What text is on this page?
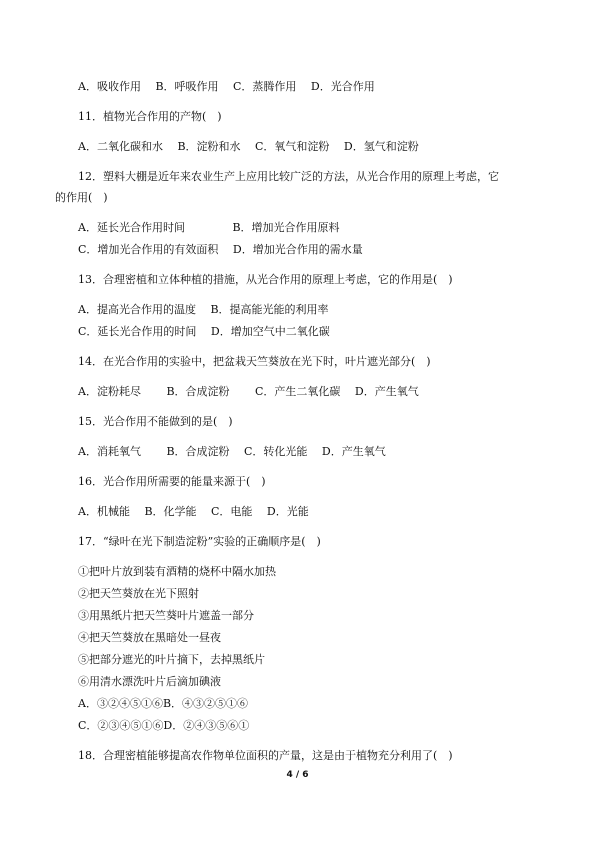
A．吸收作用　 B．呼吸作用　 C．蒸腾作用　 D．光合作用
11．植物光合作用的产物(　)
A．二氧化碳和水　 B．淀粉和水　 C．氧气和淀粉　 D．氢气和淀粉
12．塑料大棚是近年来农业生产上应用比较广泛的方法，从光合作用的原理上考虑，它
的作用(　)
A．延长光合作用时间　　　　 B．增加光合作用原料
C．增加光合作用的有效面积　 D．增加光合作用的需水量
13．合理密植和立体种植的措施，从光合作用的原理上考虑，它的作用是(　)
A．提高光合作用的温度　 B．提高能光能的利用率
C．延长光合作用的时间　 D．增加空气中二氧化碳
14．在光合作用的实验中，把盆栽天竺葵放在光下时，叶片遮光部分(　)
A．淀粉耗尽　　 B．合成淀粉　　 C．产生二氧化碳　 D．产生氧气
15．光合作用不能做到的是(　)
A．消耗氧气　　 B．合成淀粉　 C．转化光能　 D．产生氧气
16．光合作用所需要的能量来源于(　)
A．机械能　 B．化学能　 C．电能　 D．光能
17．“绿叶在光下制造淀粉”实验的正确顺序是(　)
①把叶片放到装有酒精的烧杯中隔水加热
②把天竺葵放在光下照射
③用黑纸片把天竺葵叶片遮盖一部分
④把天竺葵放在黑暗处一昼夜
⑤把部分遮光的叶片摘下，去掉黑纸片
⑥用清水漂洗叶片后滴加碘液
A．③②④⑤①⑥B．④③②⑤①⑥
C．②③④⑤①⑥D．②④③⑤⑥①
18．合理密植能够提高农作物单位面积的产量，这是由于植物充分利用了(　)
4 / 6
